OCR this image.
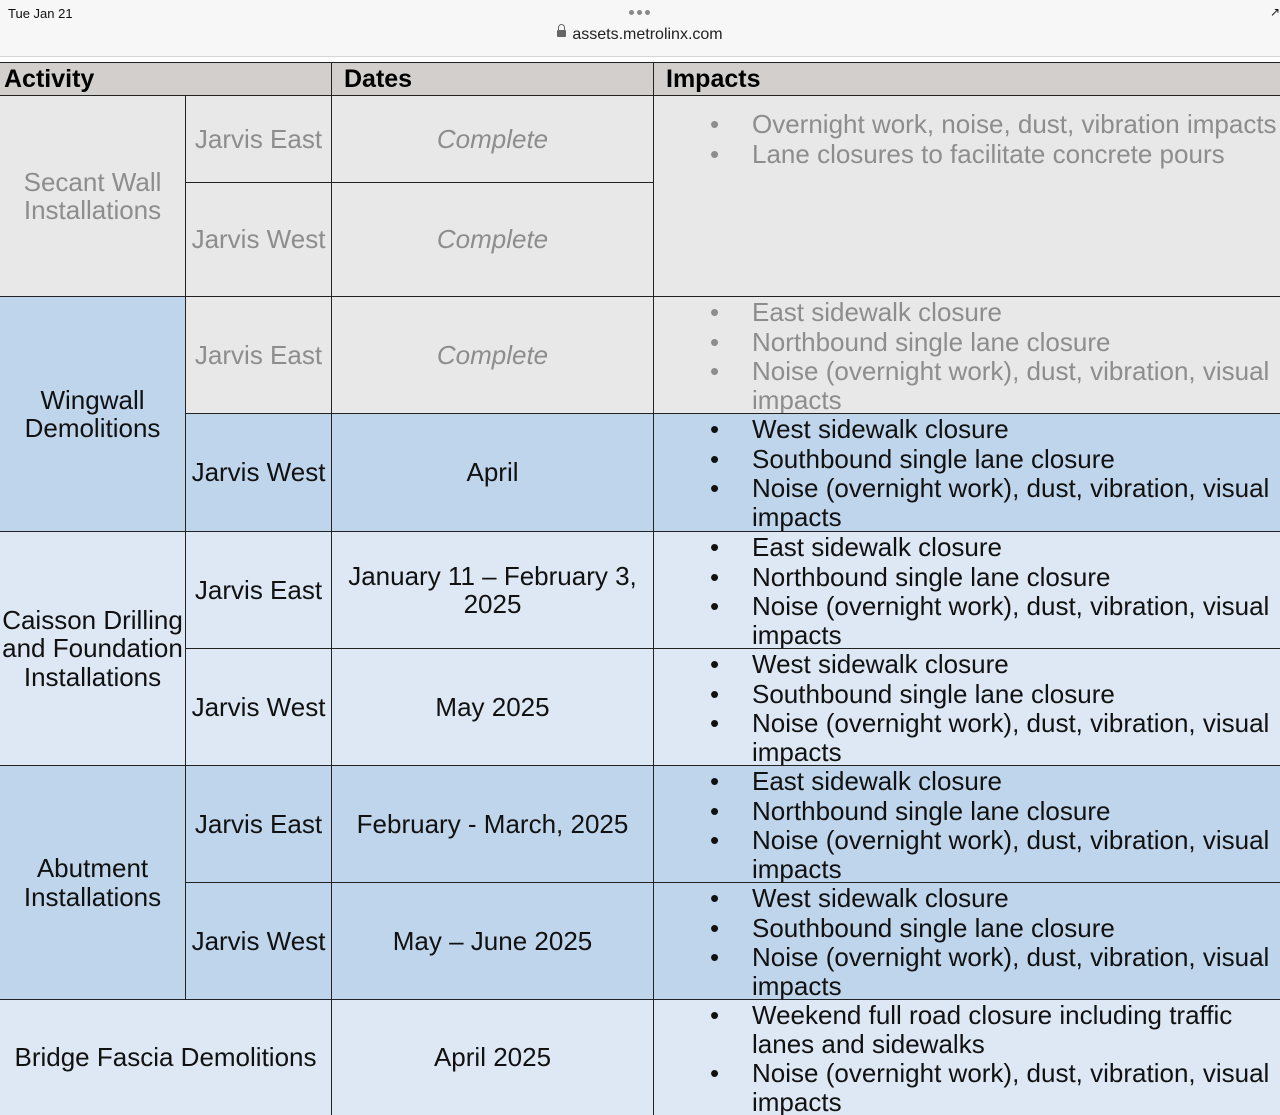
Tue Jan 21
assets.metrolinx.com
↗
Activity	Dates	Impacts
Secant Wall Installations
Jarvis East	Complete
Jarvis West	Complete
• Overnight work, noise, dust, vibration impacts
• Lane closures to facilitate concrete pours
Wingwall Demolitions
Jarvis East	Complete
• East sidewalk closure
• Northbound single lane closure
• Noise (overnight work), dust, vibration, visual impacts
Jarvis West	April
• West sidewalk closure
• Southbound single lane closure
• Noise (overnight work), dust, vibration, visual impacts
Caisson Drilling and Foundation Installations
Jarvis East	January 11 – February 3, 2025
• East sidewalk closure
• Northbound single lane closure
• Noise (overnight work), dust, vibration, visual impacts
Jarvis West	May 2025
• West sidewalk closure
• Southbound single lane closure
• Noise (overnight work), dust, vibration, visual impacts
Abutment Installations
Jarvis East	February - March, 2025
• East sidewalk closure
• Northbound single lane closure
• Noise (overnight work), dust, vibration, visual impacts
Jarvis West	May – June 2025
• West sidewalk closure
• Southbound single lane closure
• Noise (overnight work), dust, vibration, visual impacts
Bridge Fascia Demolitions	April 2025
• Weekend full road closure including traffic lanes and sidewalks
• Noise (overnight work), dust, vibration, visual impacts
